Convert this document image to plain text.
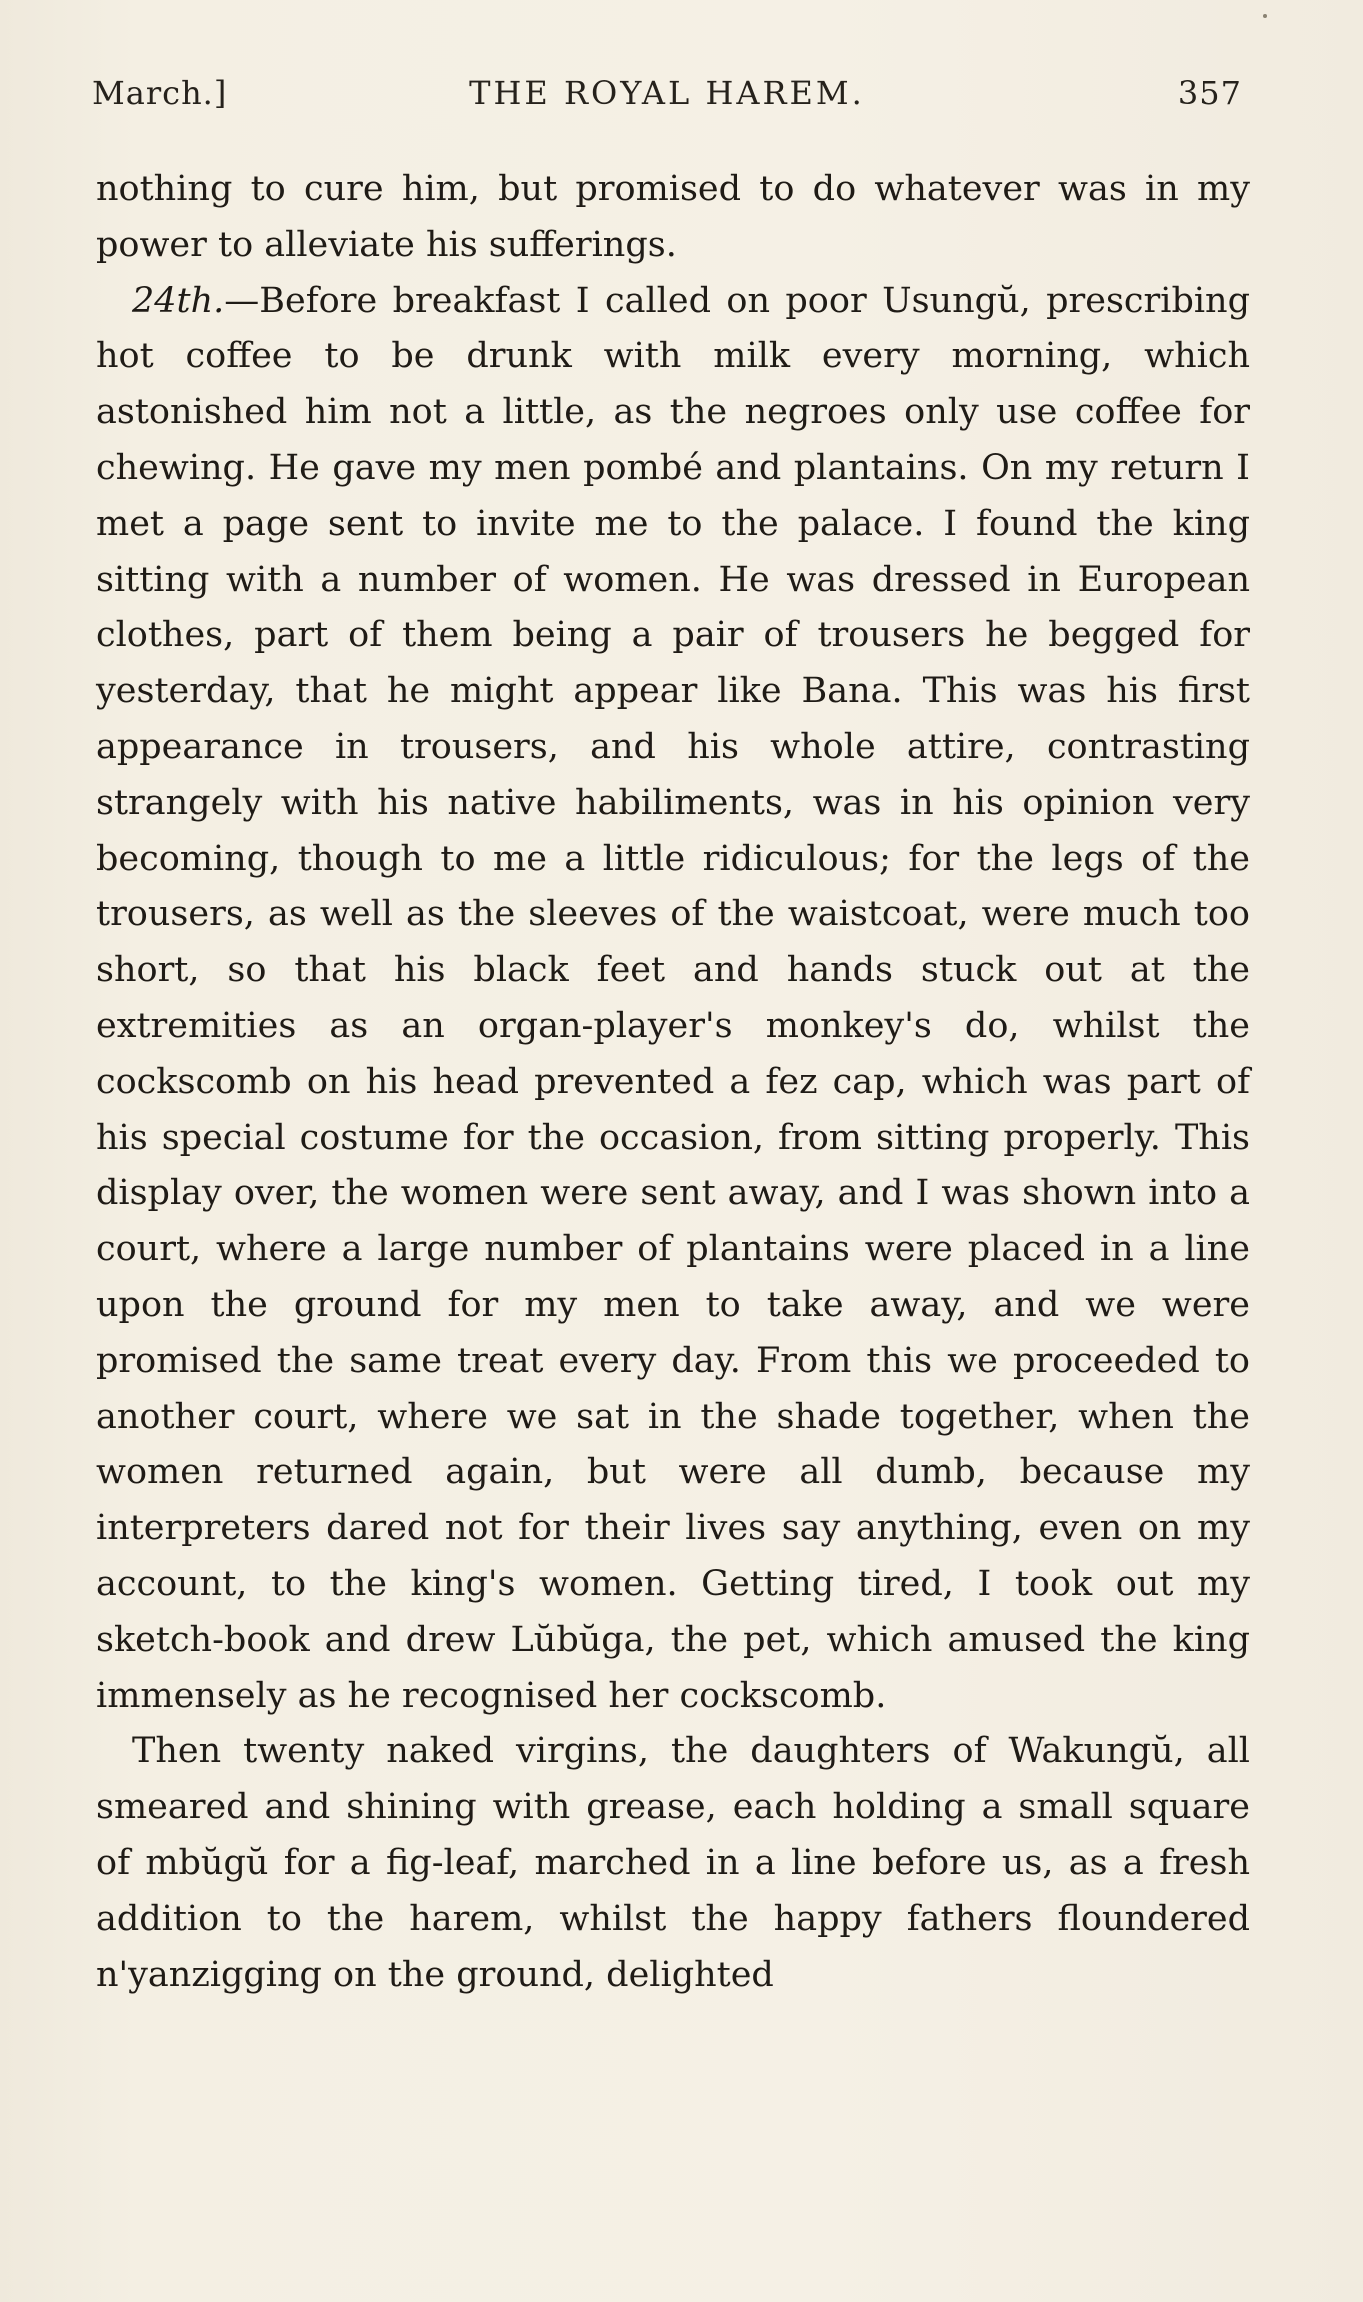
March.]	THE ROYAL HAREM.	357

nothing to cure him, but promised to do whatever was in my power to alleviate his sufferings.

24th.—Before breakfast I called on poor Usungŭ, prescribing hot coffee to be drunk with milk every morning, which astonished him not a little, as the negroes only use coffee for chewing. He gave my men pombé and plantains. On my return I met a page sent to invite me to the palace. I found the king sitting with a number of women. He was dressed in European clothes, part of them being a pair of trousers he begged for yesterday, that he might appear like Bana. This was his first appearance in trousers, and his whole attire, contrasting strangely with his native habiliments, was in his opinion very becoming, though to me a little ridiculous; for the legs of the trousers, as well as the sleeves of the waistcoat, were much too short, so that his black feet and hands stuck out at the extremities as an organ-player's monkey's do, whilst the cockscomb on his head prevented a fez cap, which was part of his special costume for the occasion, from sitting properly. This display over, the women were sent away, and I was shown into a court, where a large number of plantains were placed in a line upon the ground for my men to take away, and we were promised the same treat every day. From this we proceeded to another court, where we sat in the shade together, when the women returned again, but were all dumb, because my interpreters dared not for their lives say anything, even on my account, to the king's women. Getting tired, I took out my sketch-book and drew Lŭbŭga, the pet, which amused the king immensely as he recognised her cockscomb.

Then twenty naked virgins, the daughters of Wakungŭ, all smeared and shining with grease, each holding a small square of mbŭgŭ for a fig-leaf, marched in a line before us, as a fresh addition to the harem, whilst the happy fathers floundered n'yanzigging on the ground, delighted
